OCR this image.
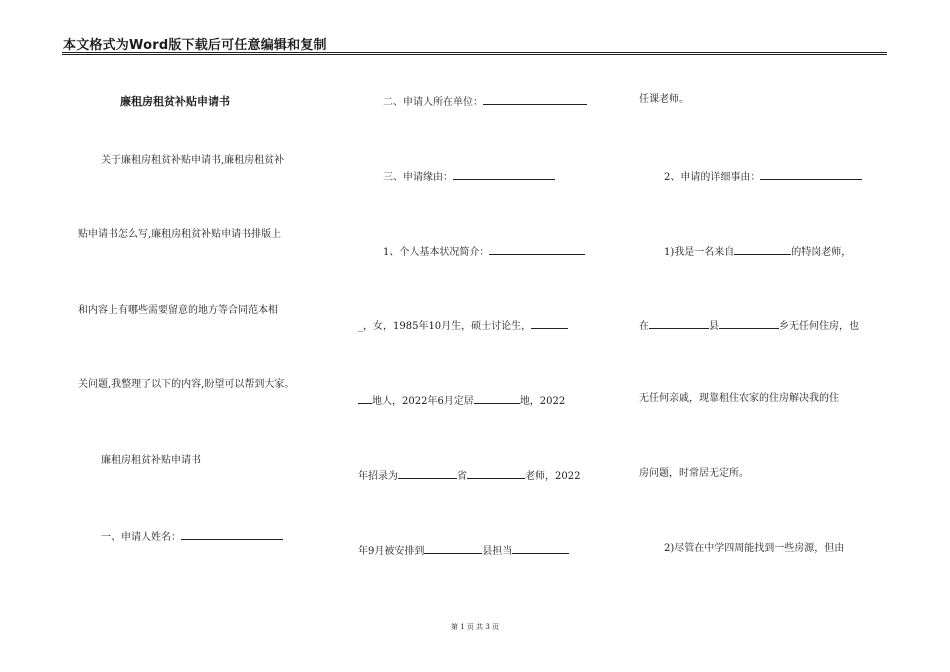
本文格式为Word版下载后可任意编辑和复制
廉租房租贫补贴申请书
关于廉租房租贫补贴申请书,廉租房租贫补
贴申请书怎么写,廉租房租贫补贴申请书排版上
和内容上有哪些需要留意的地方等合同范本相
关问题,我整理了以下的内容,盼望可以帮到大家。
廉租房租贫补贴申请书
一、申请人姓名：
二、申请人所在单位：
三、申请缘由：
1、个人基本状况简介：
_，女，1985年10月生，硕士讨论生，
地人，2022年6月定居	地，2022
年招录为	省	老师，2022
年9月被安排到	县担当
任课老师。
2、申请的详细事由：
1)我是一名来自	的特岗老师，
在	县	乡无任何住房，也
无任何亲戚，现靠租住农家的住房解决我的住
房问题，时常居无定所。
2)尽管在中学四周能找到一些房源，但由
第 1 页 共 3 页
